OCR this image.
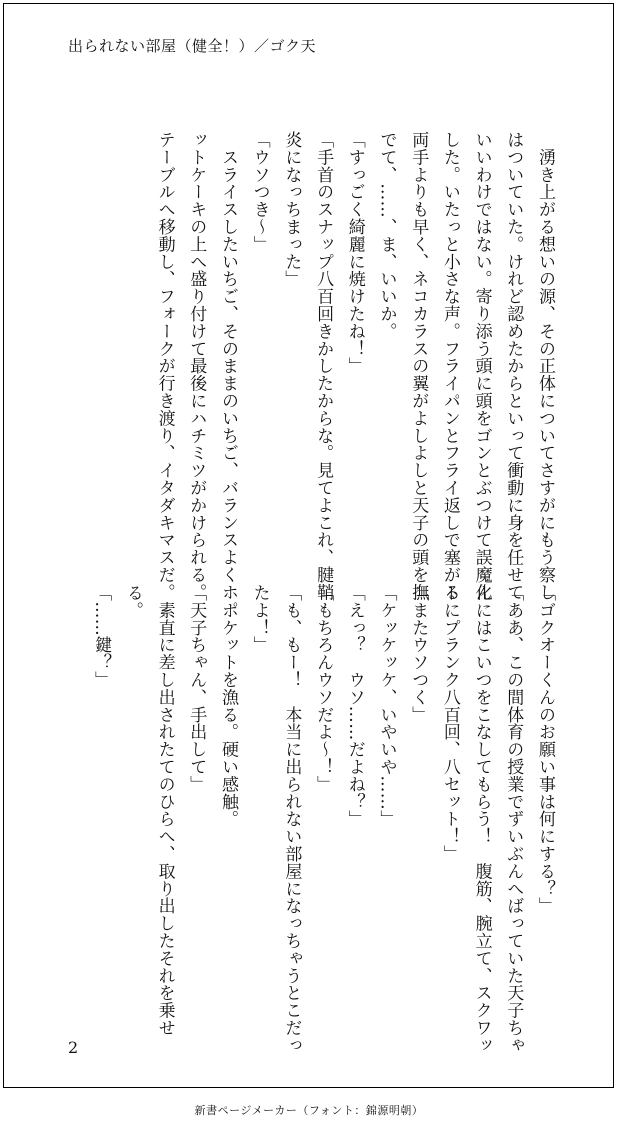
出られない部屋（健全！）／ゴク天

　湧き上がる想いの源、その正体についてさすがにもう察しはついていた。けれど認めたからといって衝動に身を任せていいわけではない。寄り添う頭に頭をゴンとぶつけて誤魔化した。いたっと小さな声。フライパンとフライ返しで塞がる両手よりも早く、ネコカラスの翼がよしよしと天子の頭を撫でて、……、ま、いいか。

「すっごく綺麗に焼けたね！」

「手首のスナップ八百回きかしたからな。見てよこれ、腱鞘炎になっちまった」

「ウソつき～」

　スライスしたいちご、そのままのいちご、バランスよくホットケーキの上へ盛り付けて最後にハチミツがかけられる。テーブルへ移動し、フォークが行き渡り、イタダキマスだ。

「ゴクオーくんのお願い事は何にする？」

「ああ、この間体育の授業でずいぶんへばっていた天子ちゃんにはこいつをこなしてもらう！　腹筋、腕立て、スクワットにプランク八百回、八セット！」

「またウソつく」

「ケッケッケ、いやいや……」

「えっ？　ウソ……だよね？」

「もちろんウソだよ～！」

「も、もー！　本当に出られない部屋になっちゃうとこだったよ！」

　ポケットを漁る。硬い感触。

「天子ちゃん、手出して」

　素直に差し出されたてのひらへ、取り出したそれを乗せる。

「……鍵？」

2
新書ページメーカー（フォント：錦源明朝）
